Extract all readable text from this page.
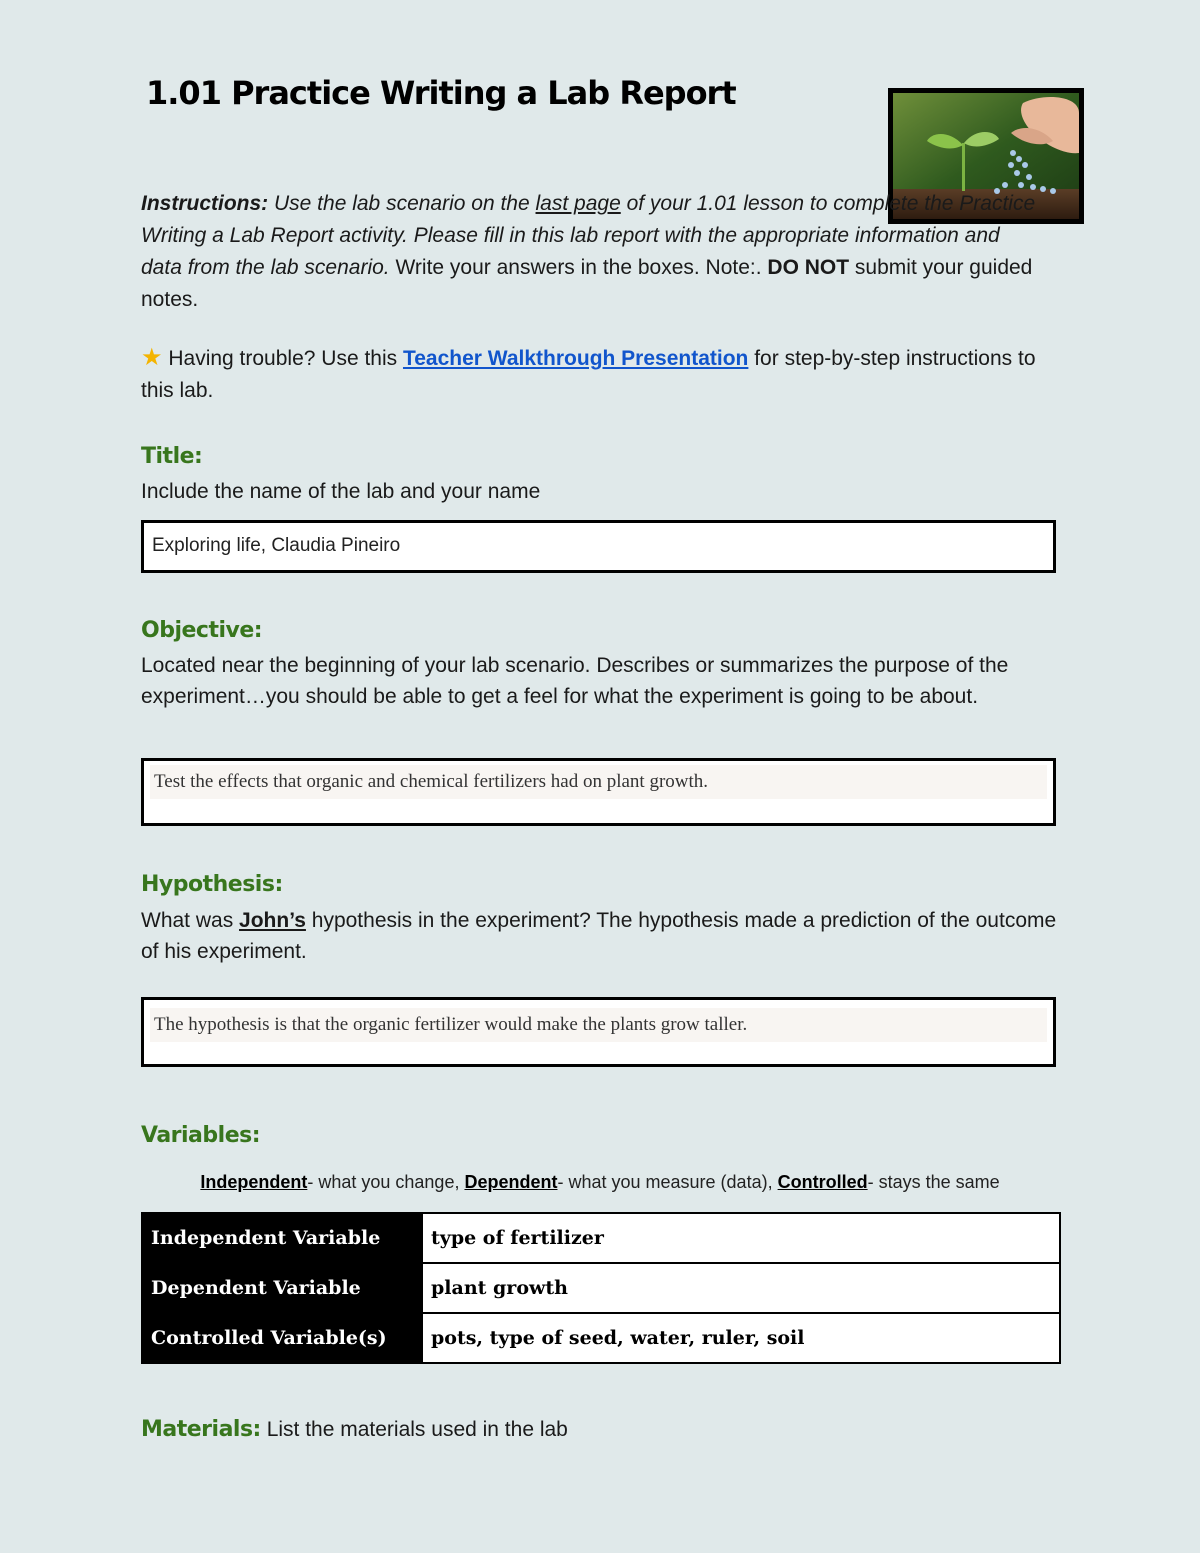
1.01 Practice Writing a Lab Report
Instructions: Use the lab scenario on the last page of your 1.01 lesson to complete the Practice Writing a Lab Report activity. Please fill in this lab report with the appropriate information and data from the lab scenario. Write your answers in the boxes. Note:. DO NOT submit your guided notes.
★ Having trouble? Use this Teacher Walkthrough Presentation for step-by-step instructions to this lab.
Title:
Include the name of the lab and your name
Exploring life, Claudia Pineiro
Objective:
Located near the beginning of your lab scenario. Describes or summarizes the purpose of the experiment…you should be able to get a feel for what the experiment is going to be about.
Test the effects that organic and chemical fertilizers had on plant growth.
Hypothesis:
What was John’s hypothesis in the experiment? The hypothesis made a prediction of the outcome of his experiment.
The hypothesis is that the organic fertilizer would make the plants grow taller.
Variables:
Independent- what you change, Dependent- what you measure (data), Controlled- stays the same
Independent Variable	type of fertilizer
Dependent Variable	plant growth
Controlled Variable(s)	pots, type of seed, water, ruler, soil
Materials: List the materials used in the lab
